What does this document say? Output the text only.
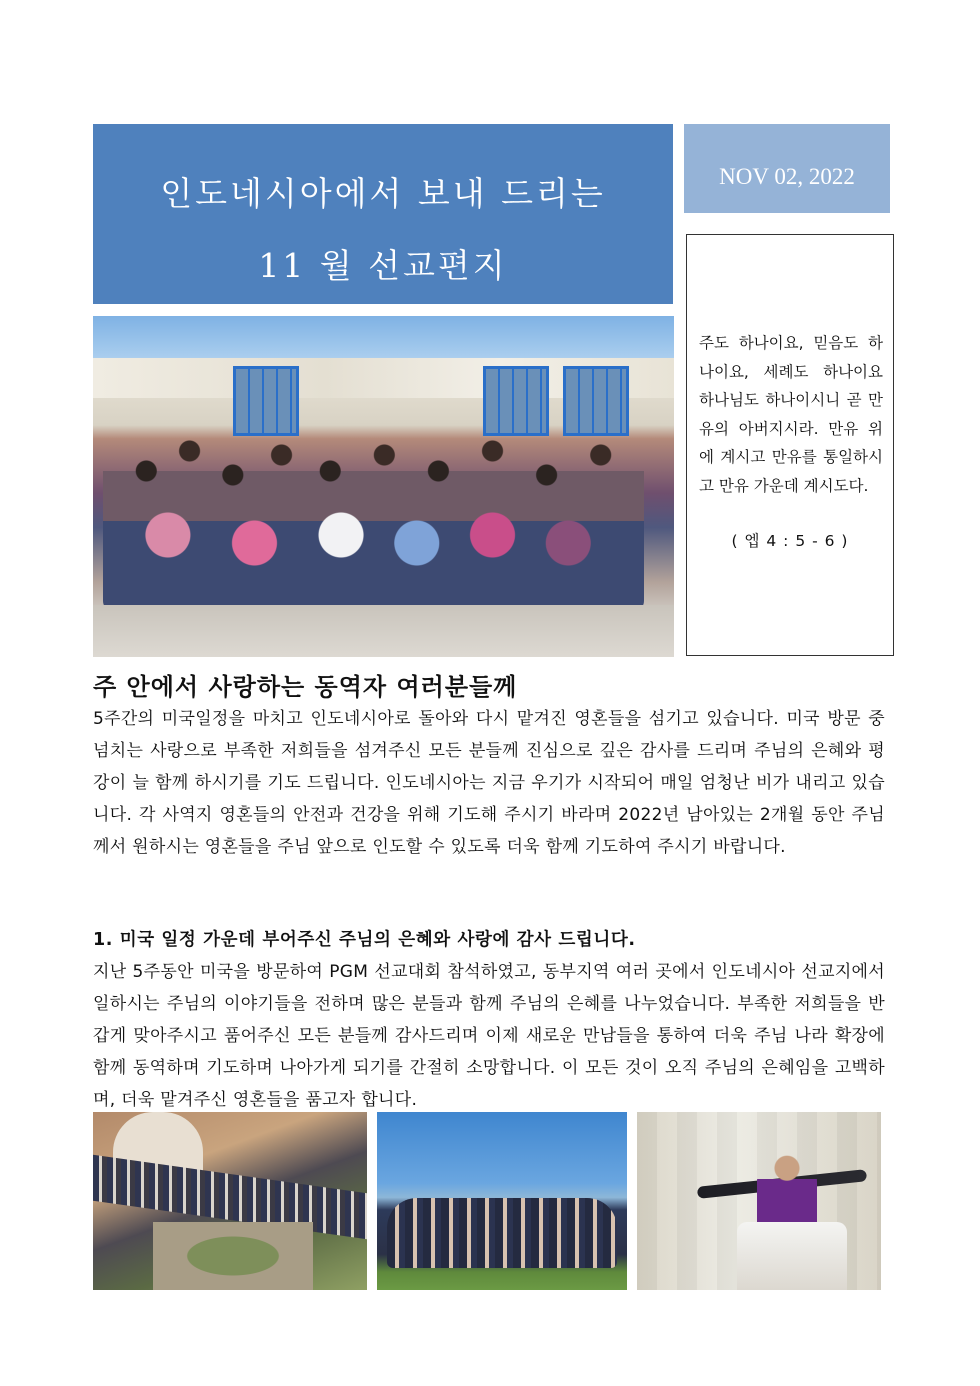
인도네시아에서 보내 드리는
11 월 선교편지
NOV 02, 2022
주도 하나이요, 믿음도 하나이요, 세례도 하나이요 하나님도 하나이시니 곧 만유의 아버지시라. 만유 위에 계시고 만유를 통일하시고 만유 가운데 계시도다.
( 엡 4 : 5 - 6 )
주 안에서 사랑하는 동역자 여러분들께
5주간의 미국일정을 마치고 인도네시아로 돌아와 다시 맡겨진 영혼들을 섬기고 있습니다. 미국 방문 중 넘치는 사랑으로 부족한 저희들을 섬겨주신 모든 분들께 진심으로 깊은 감사를 드리며 주님의 은혜와 평강이 늘 함께 하시기를 기도 드립니다. 인도네시아는 지금 우기가 시작되어 매일 엄청난 비가 내리고 있습니다. 각 사역지 영혼들의 안전과 건강을 위해 기도해 주시기 바라며 2022년 남아있는 2개월 동안 주님께서 원하시는 영혼들을 주님 앞으로 인도할 수 있도록 더욱 함께 기도하여 주시기 바랍니다.
1. 미국 일정 가운데 부어주신 주님의 은혜와 사랑에 감사 드립니다.
지난 5주동안 미국을 방문하여 PGM 선교대회 참석하였고, 동부지역 여러 곳에서 인도네시아 선교지에서 일하시는 주님의 이야기들을 전하며 많은 분들과 함께 주님의 은혜를 나누었습니다. 부족한 저희들을 반갑게 맞아주시고 품어주신 모든 분들께 감사드리며 이제 새로운 만남들을 통하여 더욱 주님 나라 확장에 함께 동역하며 기도하며 나아가게 되기를 간절히 소망합니다. 이 모든 것이 오직 주님의 은혜임을 고백하며, 더욱 맡겨주신 영혼들을 품고자 합니다.
